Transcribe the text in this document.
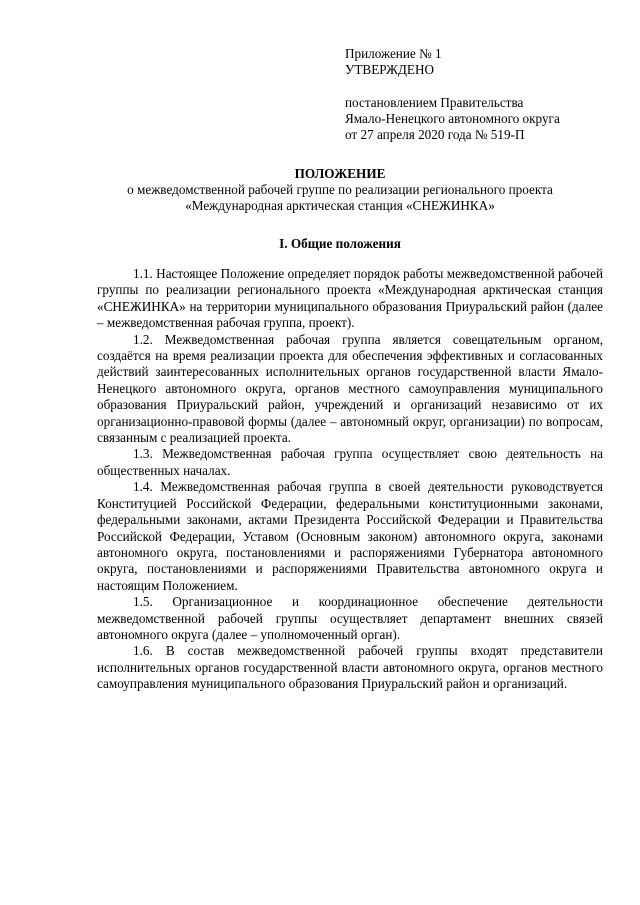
Приложение № 1
УТВЕРЖДЕНО
постановлением Правительства
Ямало-Ненецкого автономного округа
от 27 апреля 2020 года № 519-П
ПОЛОЖЕНИЕ
о межведомственной рабочей группе по реализации регионального проекта
«Международная арктическая станция «СНЕЖИНКА»
I. Общие положения

1.1. Настоящее Положение определяет порядок работы межведомственной рабочей группы по реализации регионального проекта «Международная арктическая станция «СНЕЖИНКА» на территории муниципального образования Приуральский район (далее – межведомственная рабочая группа, проект).

1.2. Межведомственная рабочая группа является совещательным органом, создаётся на время реализации проекта для обеспечения эффективных и согласованных действий заинтересованных исполнительных органов государственной власти Ямало-Ненецкого автономного округа, органов местного самоуправления муниципального образования Приуральский район, учреждений и организаций независимо от их организационно-правовой формы (далее – автономный округ, организации) по вопросам, связанным с реализацией проекта.

1.3. Межведомственная рабочая группа осуществляет свою деятельность на общественных началах.

1.4. Межведомственная рабочая группа в своей деятельности руководствуется Конституцией Российской Федерации, федеральными конституционными законами, федеральными законами, актами Президента Российской Федерации и Правительства Российской Федерации, Уставом (Основным законом) автономного округа, законами автономного округа, постановлениями и распоряжениями Губернатора автономного округа, постановлениями и распоряжениями Правительства автономного округа и настоящим Положением.

1.5. Организационное и координационное обеспечение деятельности межведомственной рабочей группы осуществляет департамент внешних связей автономного округа (далее – уполномоченный орган).

1.6. В состав межведомственной рабочей группы входят представители исполнительных органов государственной власти автономного округа, органов местного самоуправления муниципального образования Приуральский район и организаций.
